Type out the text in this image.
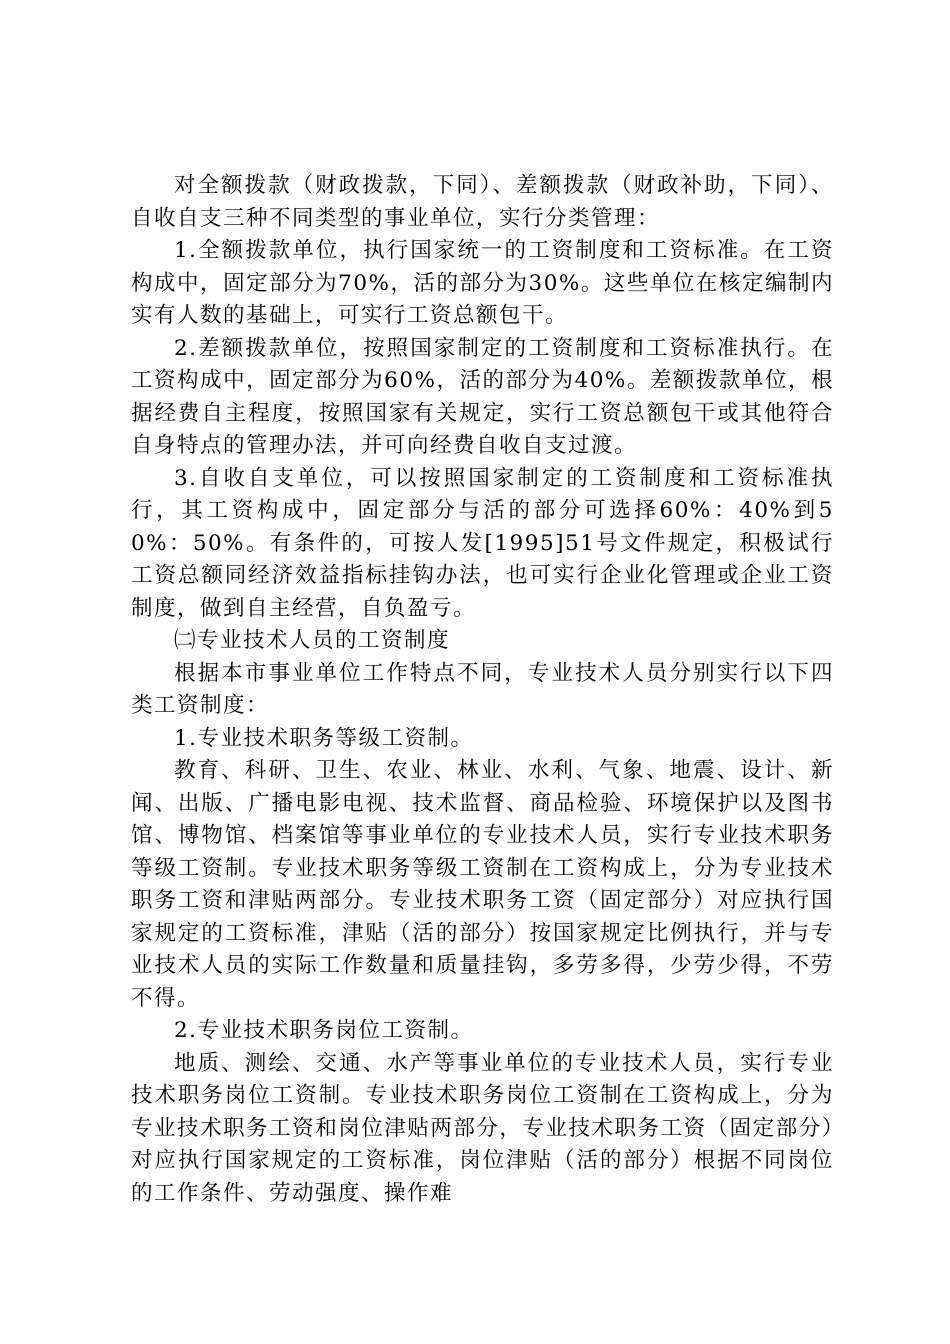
对全额拨款（财政拨款，下同）、差额拨款（财政补助，下同）、自收自支三种不同类型的事业单位，实行分类管理：

1.全额拨款单位，执行国家统一的工资制度和工资标准。在工资构成中，固定部分为70%，活的部分为30%。这些单位在核定编制内实有人数的基础上，可实行工资总额包干。

2.差额拨款单位，按照国家制定的工资制度和工资标准执行。在工资构成中，固定部分为60%，活的部分为40%。差额拨款单位，根据经费自主程度，按照国家有关规定，实行工资总额包干或其他符合自身特点的管理办法，并可向经费自收自支过渡。

3.自收自支单位，可以按照国家制定的工资制度和工资标准执行，其工资构成中，固定部分与活的部分可选择60%：40%到50%：50%。有条件的，可按人发[1995]51号文件规定，积极试行工资总额同经济效益指标挂钩办法，也可实行企业化管理或企业工资制度，做到自主经营，自负盈亏。

㈡专业技术人员的工资制度

根据本市事业单位工作特点不同，专业技术人员分别实行以下四类工资制度：

1.专业技术职务等级工资制。

教育、科研、卫生、农业、林业、水利、气象、地震、设计、新闻、出版、广播电影电视、技术监督、商品检验、环境保护以及图书馆、博物馆、档案馆等事业单位的专业技术人员，实行专业技术职务等级工资制。专业技术职务等级工资制在工资构成上，分为专业技术职务工资和津贴两部分。专业技术职务工资（固定部分）对应执行国家规定的工资标准，津贴（活的部分）按国家规定比例执行，并与专业技术人员的实际工作数量和质量挂钩，多劳多得，少劳少得，不劳不得。

2.专业技术职务岗位工资制。

地质、测绘、交通、水产等事业单位的专业技术人员，实行专业技术职务岗位工资制。专业技术职务岗位工资制在工资构成上，分为专业技术职务工资和岗位津贴两部分，专业技术职务工资（固定部分）对应执行国家规定的工资标准，岗位津贴（活的部分）根据不同岗位的工作条件、劳动强度、操作难
